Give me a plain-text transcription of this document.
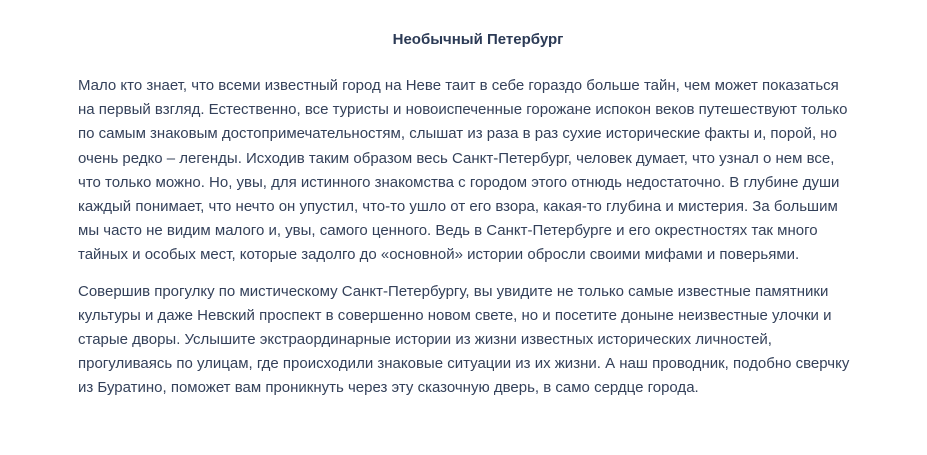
Необычный Петербург
Мало кто знает, что всеми известный город на Неве таит в себе гораздо больше тайн, чем может показаться
на первый взгляд. Естественно, все туристы и новоиспеченные горожане испокон веков путешествуют только
по самым знаковым достопримечательностям, слышат из раза в раз сухие исторические факты и, порой, но
очень редко – легенды. Исходив таким образом весь Санкт-Петербург, человек думает, что узнал о нем все,
что только можно. Но, увы, для истинного знакомства с городом этого отнюдь недостаточно. В глубине души
каждый понимает, что нечто он упустил, что-то ушло от его взора, какая-то глубина и мистерия. За большим
мы часто не видим малого и, увы, самого ценного. Ведь в Санкт-Петербурге и его окрестностях так много
тайных и особых мест, которые задолго до «основной» истории обросли своими мифами и поверьями.
Совершив прогулку по мистическому Санкт-Петербургу, вы увидите не только самые известные памятники
культуры и даже Невский проспект в совершенно новом свете, но и посетите доныне неизвестные улочки и
старые дворы. Услышите экстраординарные истории из жизни известных исторических личностей,
прогуливаясь по улицам, где происходили знаковые ситуации из их жизни. А наш проводник, подобно сверчку
из Буратино, поможет вам проникнуть через эту сказочную дверь, в само сердце города.
